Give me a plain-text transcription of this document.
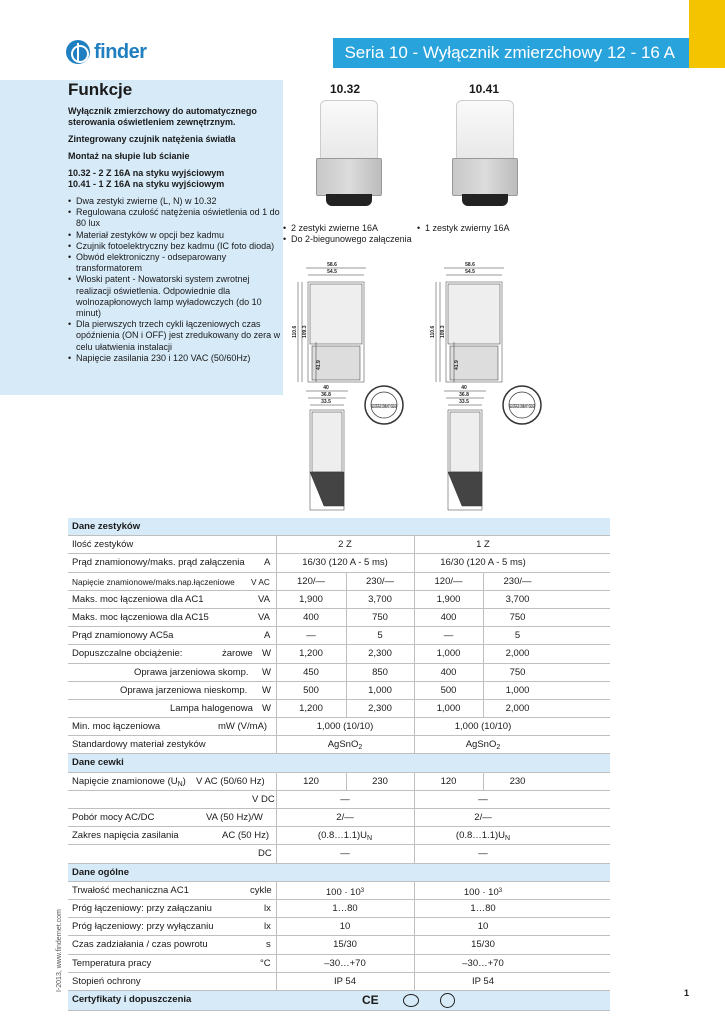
finder	Seria 10 - Wyłącznik zmierzchowy 12 - 16 A
Funkcje
Wyłącznik zmierzchowy do automatycznego sterowania oświetleniem zewnętrznym.
Zintegrowany czujnik natężenia światła
Montaż na słupie lub ścianie
10.32 - 2 Z 16A na styku wyjściowym
10.41 - 1 Z 16A na styku wyjściowym
• Dwa zestyki zwierne (L, N) w 10.32
• Regulowana czułość natężenia oświetlenia od 1 do 80 lux
• Materiał zestyków w opcji bez kadmu
• Czujnik fotoelektryczny bez kadmu (IC foto dioda)
• Obwód elektroniczny - odseparowany transformatorem
• Włoski patent - Nowatorski system zwrotnej realizacji oświetlenia. Odpowiednie dla wolnozapłonowych lamp wyładowczych (do 10 minut)
• Dla pierwszych trzech cykli łączeniowych czas opóźnienia (ON i OFF) jest zredukowany do zera w celu ułatwienia instalacji
• Napięcie zasilania 230 i 120 VAC (50/60Hz)
10.32
• 2 zestyki zwierne 16A
• Do 2-biegunowego załączenia
10.41
• 1 zestyk zwierny 16A
58.6
54.5
110.6 109.3
41.9
40
36.8
33.5
REGISTERED COMMUNITY DESIGN
58.6
54.5
110.6 109.3
41.9
40
36.8
33.5
REGISTERED COMMUNITY DESIGN
Dane zestyków
Ilość zestyków	2 Z	1 Z
Prąd znamionowy/maks. prąd załączenia A	16/30 (120 A - 5 ms)	16/30 (120 A - 5 ms)
Napięcie znamionowe/maks.nap.łączeniowe V AC	120/—	230/—	120/—	230/—
Maks. moc łączeniowa dla AC1	VA	1,900	3,700	1,900	3,700
Maks. moc łączeniowa dla AC15	VA	400	750	400	750
Prąd znamionowy AC5a	A	—	5	—	5
Dopuszczalne obciążenie:	żarowe W	1,200	2,300	1,000	2,000
Oprawa jarzeniowa skomp. W	450	850	400	750
Oprawa jarzeniowa nieskomp. W	500	1,000	500	1,000
Lampa halogenowa W	1,200	2,300	1,000	2,000
Min. moc łączeniowa	mW (V/mA)	1,000 (10/10)	1,000 (10/10)
Standardowy materiał zestyków	AgSnO$_2$	AgSnO$_2$
Dane cewki
Napięcie znamionowe $(U_N)$ V AC (50/60 Hz)	120	230	120	230
V DC	—	—
Pobór mocy AC/DC	VA (50 Hz)/W	2/—	2/—
Zakres napięcia zasilania	AC (50 Hz)	$(0.8\dots 1.1)U_N$	$(0.8\dots 1.1)U_N$
DC	—	—
Dane ogólne
Trwałość mechaniczna AC1	cykle	$100 \cdot 10^3$	$100 \cdot 10^3$
Próg łączeniowy: przy załączaniu	lx	1…80	1…80
Próg łączeniowy: przy wyłączaniu	lx	10	10
Czas zadziałania / czas powrotu	s	15/30	15/30
Temperatura pracy	°C	–30…+70	–30…+70
Stopień ochrony	IP 54	IP 54
Certyfikaty i dopuszczenia	CE
I-2013, www.findernet.com
1
